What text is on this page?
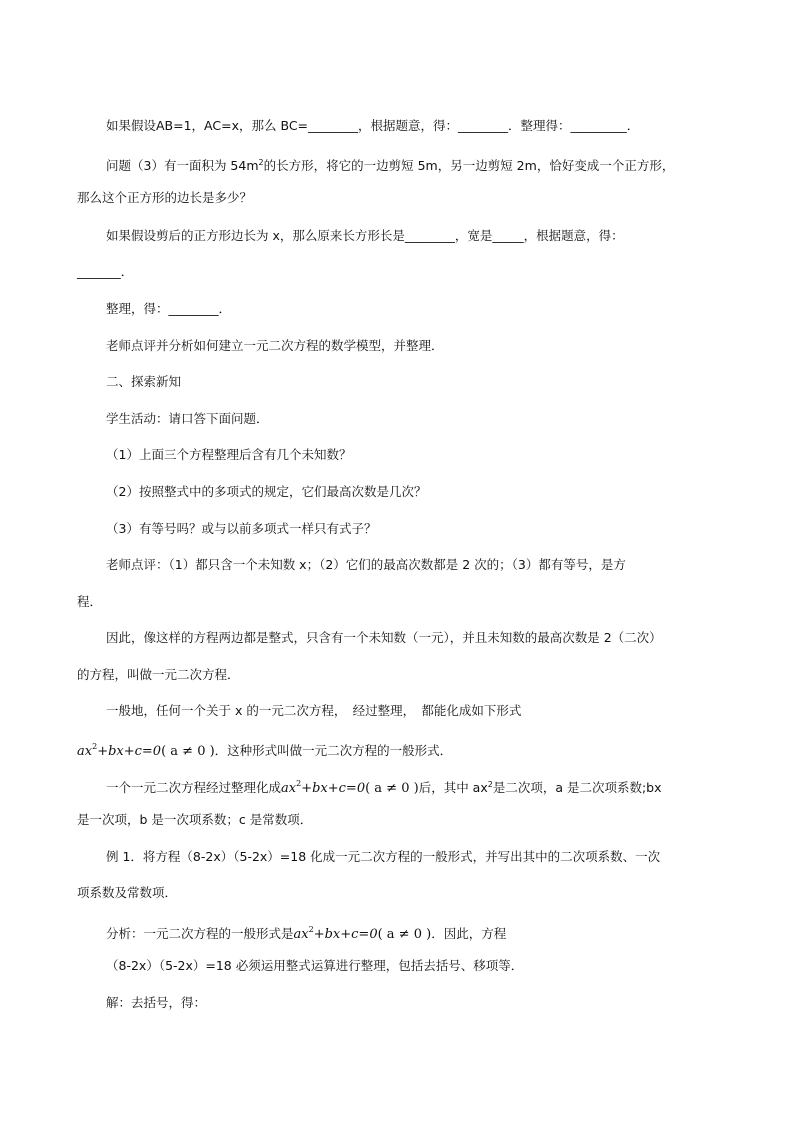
如果假设AB=1，AC=x，那么 BC=________，根据题意，得：________．整理得：_________．
问题（3）有一面积为 $54m^2$的长方形，将它的一边剪短 5m，另一边剪短 2m，恰好变成一个正方形，
那么这个正方形的边长是多少？
如果假设剪后的正方形边长为 x，那么原来长方形长是________，宽是_____，根据题意，得：
_______．
整理，得：________．
老师点评并分析如何建立一元二次方程的数学模型，并整理．
二、探索新知
学生活动：请口答下面问题．
（1）上面三个方程整理后含有几个未知数？
（2）按照整式中的多项式的规定，它们最高次数是几次？
（3）有等号吗？或与以前多项式一样只有式子？
老师点评：（1）都只含一个未知数 x；（2）它们的最高次数都是 2 次的；（3）都有等号，是方
程．
因此，像这样的方程两边都是整式，只含有一个未知数（一元），并且未知数的最高次数是 2（二次）
的方程，叫做一元二次方程．
一般地，任何一个关于 x 的一元二次方程，　经过整理，　都能化成如下形式
$ax^2+bx+c=0$( a ≠ 0 )．这种形式叫做一元二次方程的一般形式．
一个一元二次方程经过整理化成$ax^2+bx+c=0$( a ≠ 0 )后，其中 $ax^2$是二次项，a 是二次项系数;bx
是一次项，b 是一次项系数；c 是常数项．
例 1．将方程（8-2x）（5-2x）=18 化成一元二次方程的一般形式，并写出其中的二次项系数、一次
项系数及常数项．
分析：一元二次方程的一般形式是$ax^2+bx+c=0$( a ≠ 0 )．因此，方程
（8-2x）（5-2x）=18 必须运用整式运算进行整理，包括去括号、移项等．
解：去括号，得：
